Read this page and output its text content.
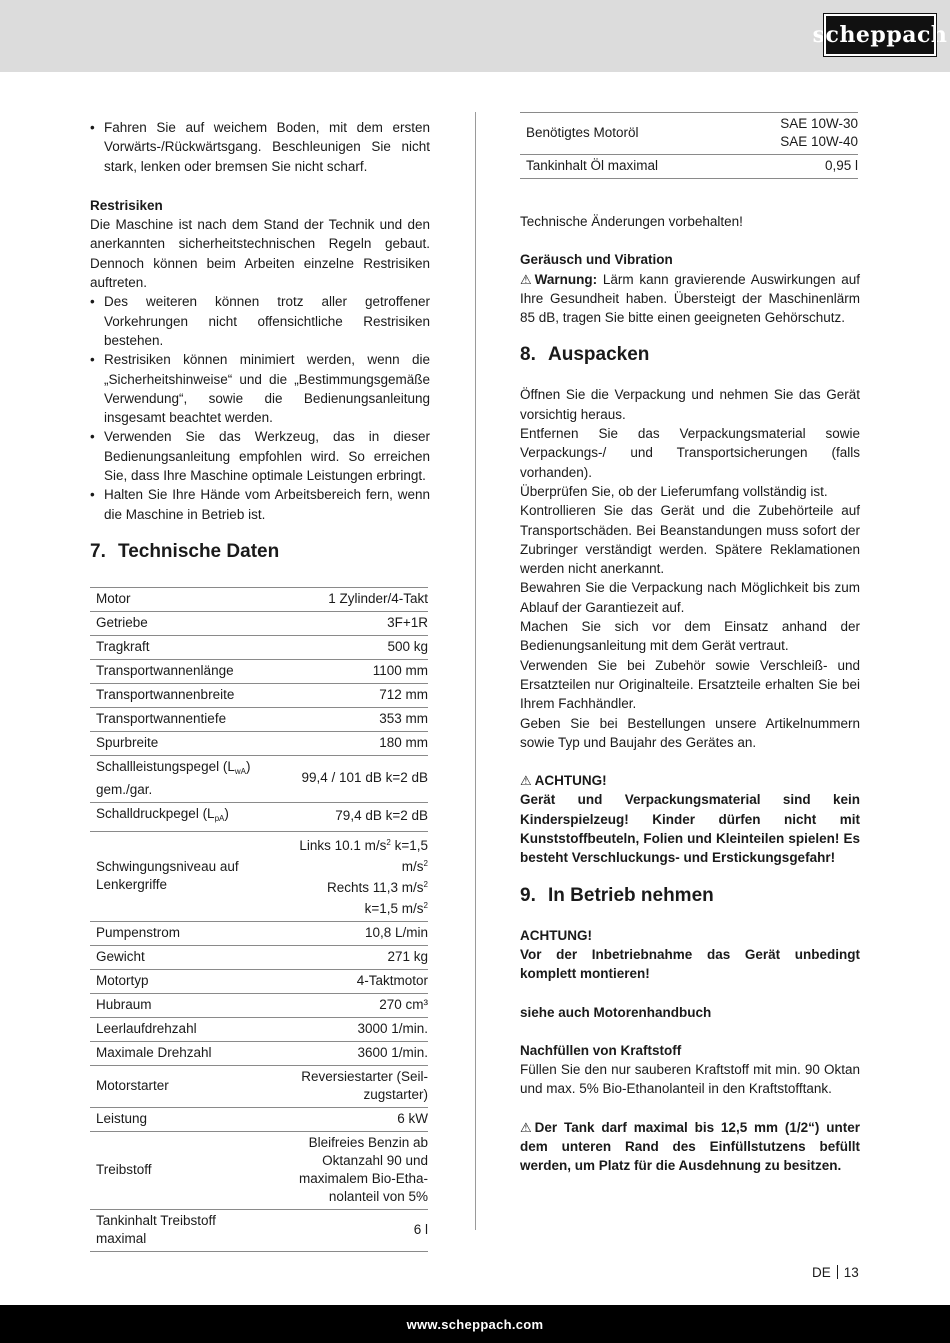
scheppach

• Fahren Sie auf weichem Boden, mit dem ersten Vorwärts-/Rückwärtsgang. Beschleunigen Sie nicht stark, lenken oder bremsen Sie nicht scharf.

Restrisiken

Die Maschine ist nach dem Stand der Technik und den anerkannten sicherheitstechnischen Regeln gebaut. Dennoch können beim Arbeiten einzelne Restrisiken auftreten.

• Des weiteren können trotz aller getroffener Vorkehrungen nicht offensichtliche Restrisiken bestehen.

• Restrisiken können minimiert werden, wenn die „Sicherheitshinweise“ und die „Bestimmungsgemäße Verwendung“, sowie die Bedienungsanleitung insgesamt beachtet werden.

• Verwenden Sie das Werkzeug, das in dieser Bedienungsanleitung empfohlen wird. So erreichen Sie, dass Ihre Maschine optimale Leistungen erbringt.

• Halten Sie Ihre Hände vom Arbeitsbereich fern, wenn die Maschine in Betrieb ist.

7. Technische Daten
Motor	1 Zylinder/4-Takt
Getriebe	3F+1R
Tragkraft	500 kg
Transportwannenlänge	1100 mm
Transportwannenbreite	712 mm
Transportwannentiefe	353 mm
Spurbreite	180 mm
Schallleistungspegel $(L_{wA})$
gem./gar.	99,4 / 101 dB k=2 dB
Schalldruckpegel $(L_{pA})$	79,4 dB k=2 dB
Schwingungsniveau auf
Lenkergriffe	Links 10.1 $m/s^2$ k=1,5
$m/s^2$
Rechts 11,3 $m/s^2$
k=1,5 $m/s^2$
Pumpenstrom	10,8 L/min
Gewicht	271 kg
Motortyp	4-Taktmotor
Hubraum	270 cm³
Leerlaufdrehzahl	3000 1/min.
Maximale Drehzahl	3600 1/min.
Motorstarter	Reversiestarter (Seil-
zugstarter)
Leistung	6 kW
Treibstoff	Bleifreies Benzin ab
Oktanzahl 90 und
maximalem Bio-Etha-
nolanteil von 5%
Tankinhalt Treibstoff
maximal	6 l
Benötigtes Motoröl	SAE 10W-30
SAE 10W-40
Tankinhalt Öl maximal	0,95 l

Technische Änderungen vorbehalten!

Geräusch und Vibration

⚠ Warnung: Lärm kann gravierende Auswirkungen auf Ihre Gesundheit haben. Übersteigt der Maschinenlärm 85 dB, tragen Sie bitte einen geeigneten Gehörschutz.

8. Auspacken

Öffnen Sie die Verpackung und nehmen Sie das Gerät vorsichtig heraus.

Entfernen Sie das Verpackungsmaterial sowie Verpackungs-/ und Transportsicherungen (falls vorhanden).

Überprüfen Sie, ob der Lieferumfang vollständig ist.

Kontrollieren Sie das Gerät und die Zubehörteile auf Transportschäden. Bei Beanstandungen muss sofort der Zubringer verständigt werden. Spätere Reklamationen werden nicht anerkannt.

Bewahren Sie die Verpackung nach Möglichkeit bis zum Ablauf der Garantiezeit auf.

Machen Sie sich vor dem Einsatz anhand der Bedienungsanleitung mit dem Gerät vertraut.

Verwenden Sie bei Zubehör sowie Verschleiß- und Ersatzteilen nur Originalteile. Ersatzteile erhalten Sie bei Ihrem Fachhändler.

Geben Sie bei Bestellungen unsere Artikelnummern sowie Typ und Baujahr des Gerätes an.

⚠ ACHTUNG!

Gerät und Verpackungsmaterial sind kein Kinderspielzeug! Kinder dürfen nicht mit Kunststoffbeuteln, Folien und Kleinteilen spielen! Es besteht Verschluckungs- und Erstickungsgefahr!

9. In Betrieb nehmen

ACHTUNG!

Vor der Inbetriebnahme das Gerät unbedingt komplett montieren!

siehe auch Motorenhandbuch

Nachfüllen von Kraftstoff

Füllen Sie den nur sauberen Kraftstoff mit min. 90 Oktan und max. 5% Bio-Ethanolanteil in den Kraftstofftank.

⚠ Der Tank darf maximal bis 12,5 mm (1/2“) unter dem unteren Rand des Einfüllstutzens befüllt werden, um Platz für die Ausdehnung zu besitzen.

DE 13
www.scheppach.com
